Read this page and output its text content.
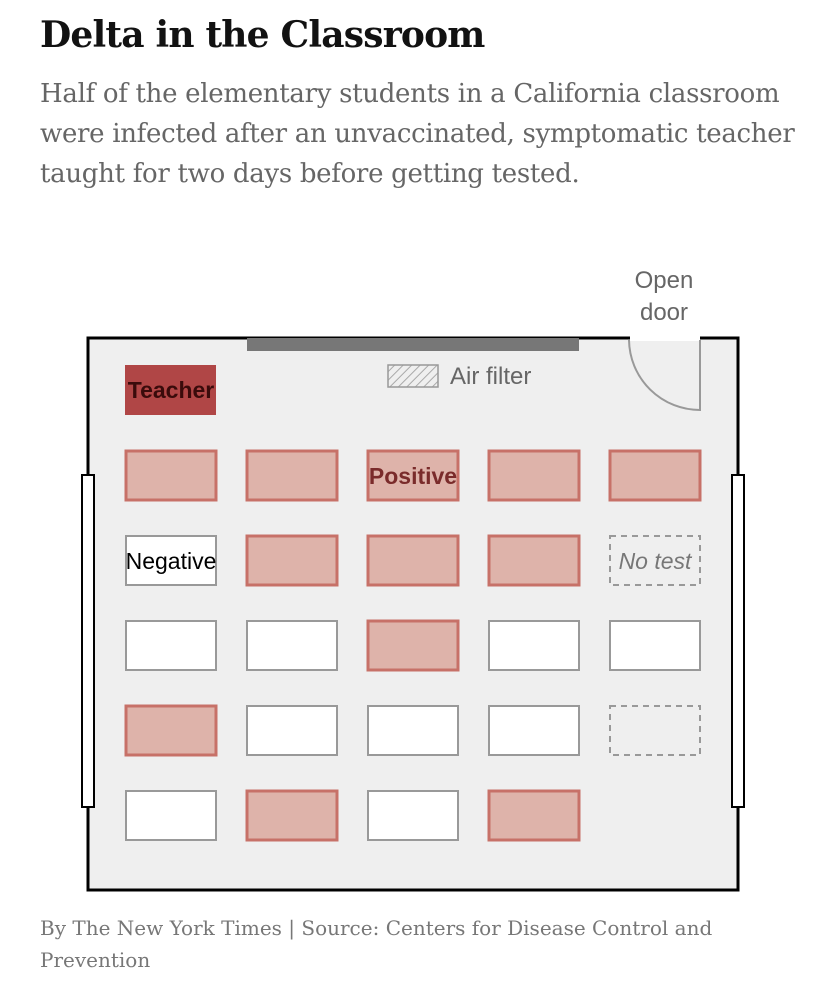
Delta in the Classroom

Half of the elementary students in a California classroom were infected after an unvaccinated, symptomatic teacher taught for two days before getting tested.

Open
door
Air filter
Teacher
Positive
Negative	No test
By The New York Times | Source: Centers for Disease Control and Prevention
